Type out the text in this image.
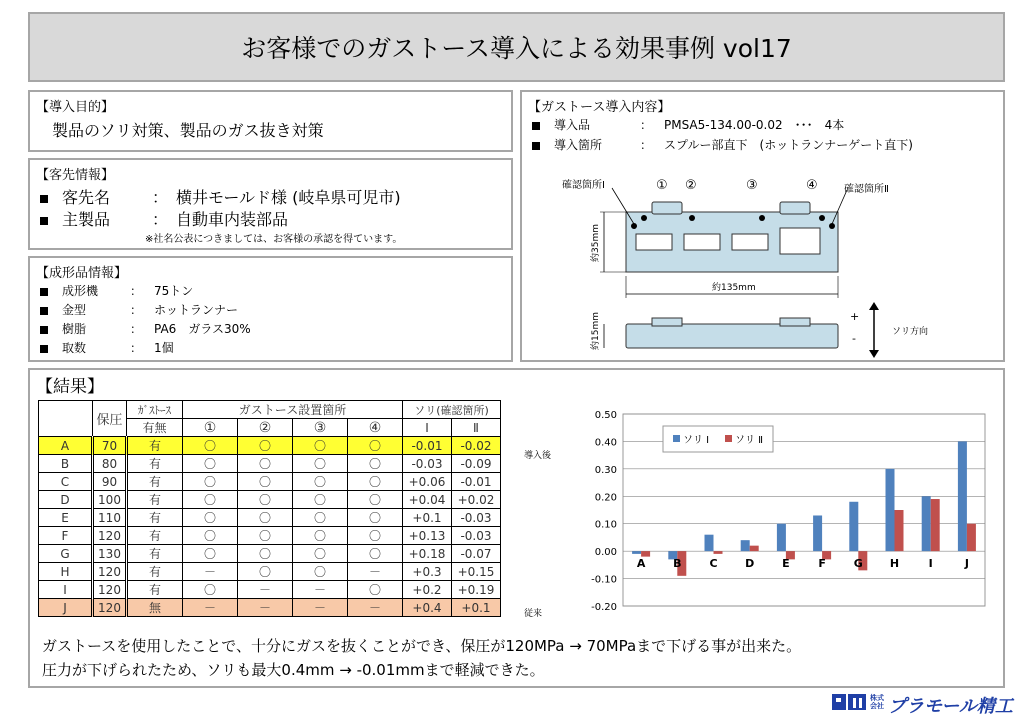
お客様でのガストース導入による効果事例 vol17
【導入目的】
製品のソリ対策、製品のガス抜き対策
【客先情報】
客先名	： 横井モールド様 (岐阜県可児市)
主製品	： 自動車内装部品
※社名公表につきましては、お客様の承認を得ています。
【成形品情報】
成形機	： 75トン
金型	： ホットランナー
樹脂	： PA6　ガラス30%
取数	： 1個
【ガストース導入内容】
導入品	： PMSA5-134.00-0.02　･･･　4本
導入箇所	： スプルー部直下　(ホットランナーゲート直下)
確認箇所Ⅰ	確認箇所Ⅱ
① ②	③	④
約35mm
約135mm
約15mm	+
-	ソリ方向
【結果】
	保圧	ｶﾞｽﾄｰｽ	ガストース設置箇所				ソリ(確認箇所)	
		有無	①	②	③	④	Ⅰ	Ⅱ
A	70	有	〇	〇	〇	〇	-0.01	-0.02
B	80	有	〇	〇	〇	〇	-0.03	-0.09
C	90	有	〇	〇	〇	〇	+0.06	-0.01
D	100	有	〇	〇	〇	〇	+0.04	+0.02
E	110	有	〇	〇	〇	〇	+0.1	-0.03
F	120	有	〇	〇	〇	〇	+0.13	-0.03
G	130	有	〇	〇	〇	〇	+0.18	-0.07
H	120	有	－	〇	〇	－	+0.3	+0.15
I	120	有	〇	－	－	〇	+0.2	+0.19
J	120	無	－	－	－	－	+0.4	+0.1
導入後
従来
0.50
0.40
0.30
0.20
0.10
0.00
-0.10
-0.20
A	B	C	D	E	F	G H	I	J
ソリ Ⅰ	ソリ Ⅱ
ガストースを使用したことで、十分にガスを抜くことができ、保圧が120MPa → 70MPaまで下げる事が出来た。
圧力が下げられたため、ソリも最大0.4mm → -0.01mmまで軽減できた。
株式会社 プラモール精工
